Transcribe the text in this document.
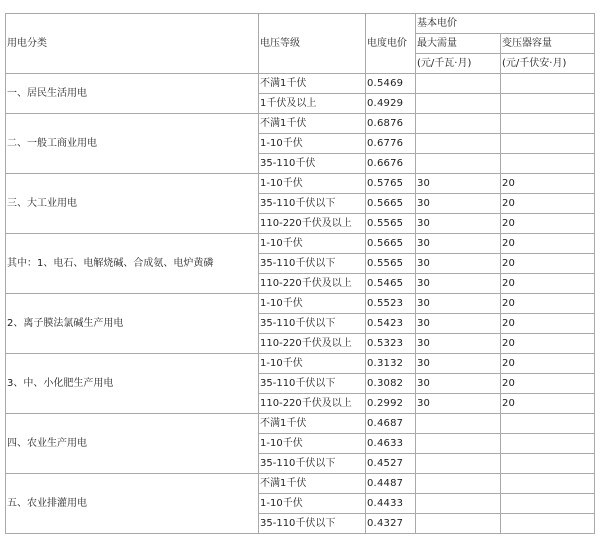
用电分类	电压等级	电度电价	基本电价	
			最大需量	变压器容量
			(元/千瓦·月)	(元/千伏安·月)
一、居民生活用电	不满1千伏	0.5469		
	1千伏及以上	0.4929		
二、一般工商业用电	不满1千伏	0.6876		
	1-10千伏	0.6776		
	35-110千伏	0.6676		
三、大工业用电	1-10千伏	0.5765	30	20
	35-110千伏以下	0.5665	30	20
	110-220千伏及以上	0.5565	30	20
其中：1、电石、电解烧碱、合成氨、电炉黄磷	1-10千伏	0.5665	30	20
	35-110千伏以下	0.5565	30	20
	110-220千伏及以上	0.5465	30	20
2、离子膜法氯碱生产用电	1-10千伏	0.5523	30	20
	35-110千伏以下	0.5423	30	20
	110-220千伏及以上	0.5323	30	20
3、中、小化肥生产用电	1-10千伏	0.3132	30	20
	35-110千伏以下	0.3082	30	20
	110-220千伏及以上	0.2992	30	20
四、农业生产用电	不满1千伏	0.4687		
	1-10千伏	0.4633		
	35-110千伏以下	0.4527		
五、农业排灌用电	不满1千伏	0.4487		
	1-10千伏	0.4433		
	35-110千伏以下	0.4327		
